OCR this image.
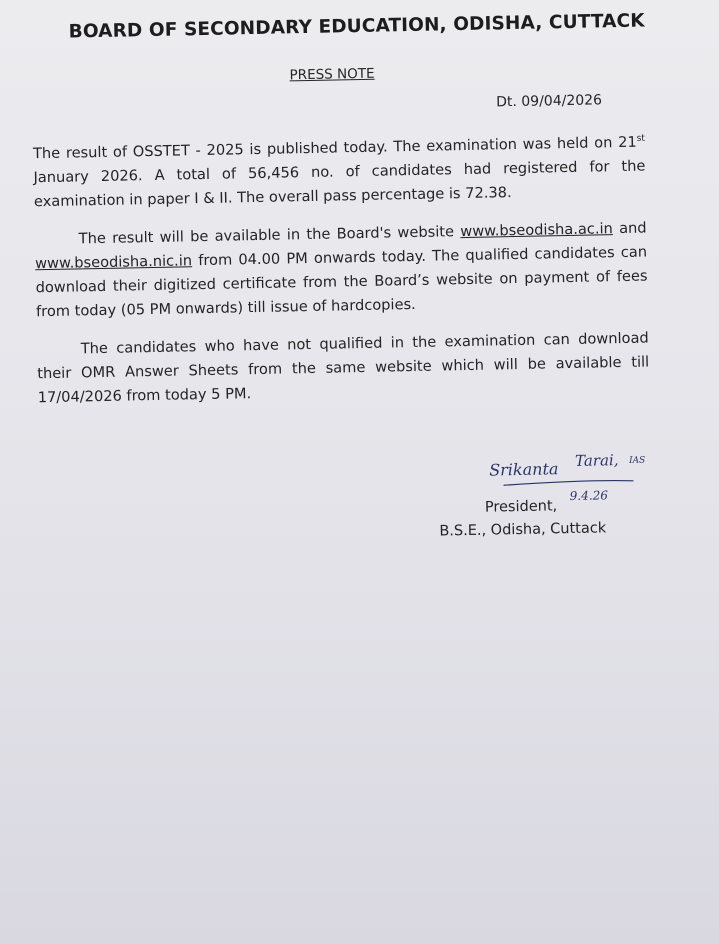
BOARD OF SECONDARY EDUCATION, ODISHA, CUTTACK
PRESS NOTE
Dt. 09/04/2026
The result of OSSTET - 2025 is published today. The examination was held on 21st January 2026. A total of 56,456 no. of candidates had registered for the examination in paper I & II. The overall pass percentage is 72.38.
The result will be available in the Board's website www.bseodisha.ac.in and www.bseodisha.nic.in from 04.00 PM onwards today. The qualified candidates can download their digitized certificate from the Board’s website on payment of fees from today (05 PM onwards) till issue of hardcopies.
The candidates who have not qualified in the examination can download their OMR Answer Sheets from the same website which will be available till 17/04/2026 from today 5 PM.
Srikanta Tarai, IAS
9.4.26
President,
B.S.E., Odisha, Cuttack
